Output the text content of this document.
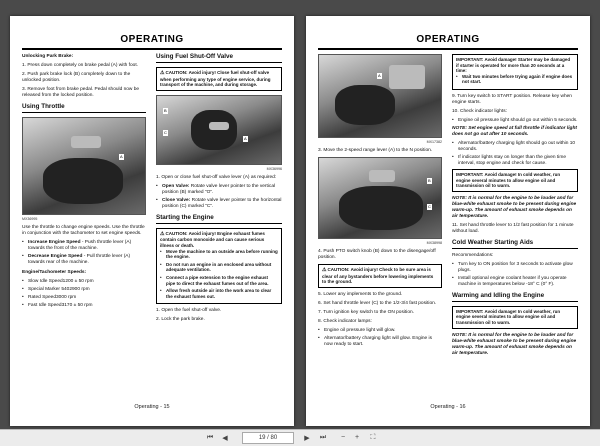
OPERATING

Unlocking Park Brake:

1. Press down completely on brake pedal (A) with foot.

2. Push park brake lock (B) completely down to the unlocked position.

3. Remove foot from brake pedal. Pedal should now be released from the locked position.

Using Throttle
A
MX36995

Use the throttle to change engine speeds. Use the throttle in conjunction with the tachometer to set engine speeds.

• Increase Engine Speed - Push throttle lever (A) towards the front of the machine.

• Decrease Engine Speed - Pull throttle lever (A) towards rear of the machine.

Engine/Tachometer Speeds:

• Slow Idle Speed1200 ± 50 rpm

• Special Marker 5402900 rpm

• Rated Speed3000 rpm

• Fast Idle Speed3170 ± 50 rpm

Using Fuel Shut-Off Valve
⚠CAUTION: Avoid injury! Close fuel shut-off valve when performing any type of engine service, during transport of the machine, and during storage.
B
C
A
MX36996

1. Open or close fuel shut-off valve lever (A) as required:

• Open Valve: Rotate valve lever pointer to the vertical position (B) marked "O".

• Close Valve: Rotate valve lever pointer to the horizontal position (C) marked "C".

Starting the Engine
⚠CAUTION: Avoid injury! Engine exhaust fumes contain carbon monoxide and can cause serious illness or death.

• Move the machine to an outside area before running the engine.

• Do not run an engine in an enclosed area without adequate ventilation.

• Connect a pipe extension to the engine exhaust pipe to direct the exhaust fumes out of the area.

• Allow fresh outside air into the work area to clear the exhaust fumes out.

1. Open the fuel shut-off valve.

2. Lock the park brake.

Operating - 15
OPERATING
A
MX17382

3. Move the 2-speed range lever (A) to the N position.

B
C
MX38998

4. Push PTO switch knob (B) down to the disengage/off position.

⚠CAUTION: Avoid injury! Check to be sure area is clear of any bystanders before lowering implements to the ground.

5. Lower any implements to the ground.

6. Set hand throttle lever (C) to the 1/2-3/4 fast position.

7. Turn ignition key switch to the ON position.

8. Check indicator lamps:

• Engine oil pressure light will glow.

• Alternator/battery charging light will glow. Engine is now ready to start.

IMPORTANT: Avoid damage! Starter may be damaged if starter is operated for more than 20 seconds at a time:

• Wait two minutes before trying again if engine does not start.

9. Turn key switch to START position. Release key when engine starts.

10. Check indicator lights:

• Engine oil pressure light should go out within 5 seconds.

NOTE: Set engine speed at full throttle if indicator light does not go out after 10 seconds.

• Alternator/battery charging light should go out within 10 seconds.

• If indicator lights stay on longer than the given time interval, stop engine and check for cause.

IMPORTANT: Avoid damage! In cold weather, run engine several minutes to allow engine oil and transmission oil to warm.

NOTE: It is normal for the engine to be louder and for blue-white exhaust smoke to be present during engine warm-up. The amount of exhaust smoke depends on air temperature.

11. Set hand throttle lever to 1/2 fast position for 1 minute without load.

Cold Weather Starting Aids

Recommendations:

• Turn key to ON position for 3 seconds to activate glow plugs.

• Install optional engine coolant heater if you operate machine in temperatures below -18° C (0° F).

Warming and Idling the Engine
IMPORTANT: Avoid damage! In cold weather, run engine several minutes to allow engine oil and transmission oil to warm.

NOTE: It is normal for the engine to be louder and for blue-white exhaust smoke to be present during engine warm-up. The amount of exhaust smoke depends on air temperature.

Operating - 16
⏮ ◀	19 / 80	▶ ⏭ − + ⛶
